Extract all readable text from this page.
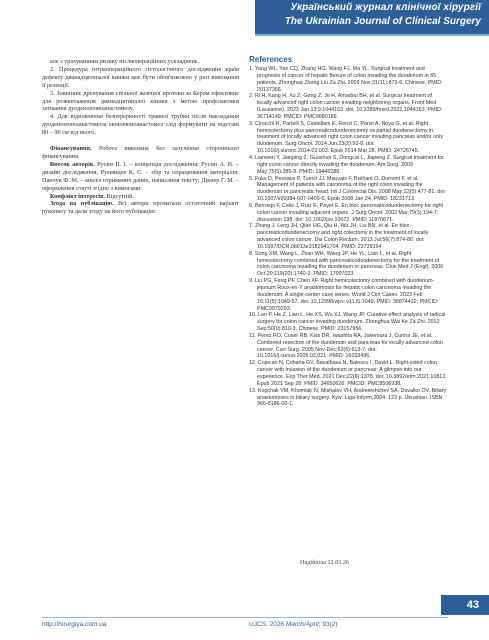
Український журнал клінічної хірургії
The Ukrainian Journal of Clinical Surgery

але з урахуванням ризику післяопераційних ускладнень.

2. Процедура інтраопераційного гістологічного дослідження країв дефекту дванадцятипалої кишки має бути обов'язковою у разі виконання її резекції.

3. Зовнішнє дренування спільної жовчної протоки за Кером ефективне для розвантаження дванадцятипалої кишки з метою профілактики затікання дуоденоеюноанастомозу.

4. Для відновлення безперервності травної трубки після накладання дуоденоеюноанастомоза еюноеюноанастомоз слід формувати на відстані 80 – 90 см від нього.

Фінансування. Робота виконана без залучення стороннього фінансування.

Внесок авторів. Русин В. І. – концепція дослідження; Русин А. В. – дизайн дослідження; Румянцев К. Є. – збір та опрацювання матеріалів; Панчук Ф. М. – аналіз отриманих даних, написання тексту; Дікнер Г. М. – оформлення статті згідно з вимогами.

Конфлікт інтересів. Відсутній.

Згода на публікацію. Всі автори прочитали остаточний варіант рукопису та дали згоду на його публікацію.

References

1. Yang WL, Yan CQ, Zhang HG, Wang FJ, Ma YL. Surgical treatment and prognosis of cancer of hepatic flexure of colon invading the duodenum in 65 patients. Zhonghua Zhong Liu Za Zhi. 2009 Nov;31(11):873-6. Chinese. PMID: 20137356.

2. Ri H, Kang H, Xu Z, Gong Z, Jo H, Amadou BH, et al. Surgical treatment of locally advanced right colon cancer invading neighboring organs. Front Med (Lausanne). 2023 Jan 13;9:1044163. doi: 10.3389/fmed.2022.1044163. PMID: 36714149; PMCID: PMC9880189.

3. Cirocchi R, Partelli S, Castellani E, Renzi C, Parisi A, Noya G, et al. Right hemicolectomy plus pancreaticoduodenectomy vs partial duodenectomy in treatment of locally advanced right colon cancer invading pancreas and/or only duodenum. Surg Oncol. 2014 Jun;23(2):92-8. doi: 10.1016/j.suronc.2014.03.003. Epub 2014 Mar 28. PMID: 24726745.

4. Lianwen Y, Jianping Z, Guoshun S, Dongcai L, Jiapeng Z. Surgical treatment for right colon cancer directly invading the duodenum. Am Surg. 2009 May;75(5):385-8. PMID: 19445288.

5. Fuks D, Pessaux P, Tuech JJ, Mauvais F, Bréhant O, Dumont F, et al. Management of patients with carcinoma of the right colon invading the duodenum or pancreatic head. Int J Colorectal Dis. 2008 May;23(5):477-81. doi: 10.1007/s00384-007-0409-5. Epub 2008 Jan 24. PMID: 18231713.

6. Berrospi F, Celis J, Ruiz E, Payet E. En bloc pancreaticoduodenectomy for right colon cancer invading adjacent organs. J Surg Oncol. 2002 Mar;79(3):194-7; discussion 198. doi: 10.1002/jso.10072. PMID: 11870671.

7. Zhang J, Leng JH, Qian HG, Qiu H, Wu JH, Liu BN, et al. En bloc pancreaticoduodenectomy and right colectomy in the treatment of locally advanced colon cancer. Dis Colon Rectum. 2013 Jul;56(7):874-80. doi: 10.1097/DCR.0b013e3182941704. PMID: 23739194.

8. Song XM, Wang L, Zhan WH, Wang JP, He YL, Lian L, et al. Right hemicolectomy combined with pancreaticoduodenectomy for the treatment of colon carcinoma invading the duodenum or pancreas. Chin Med J (Engl). 2006 Oct 20;119(20):1740-3. PMID: 17097023.

9. Liu PG, Feng PF, Chen XF. Right hemicolectomy combined with duodenum-jejunum Roux-en-Y anastomosis for hepatic colon carcinoma invading the duodenum: A single-center case series. World J Clin Cases. 2023 Feb 16;11(5):1049-57. doi: 10.12998/wjcc.v11.i5.1049. PMID: 36874432; PMCID: PMC9979293.

10. Lan P, He Z, Lian L, He XS, Wu XJ, Wang JP. Curative effect analysis of radical surgery for colon cancer invading duodenum. Zhonghua Wai Ke Za Zhi. 2012 Sep;50(9):810-3. Chinese. PMID: 23157956.

11. Perez RO, Coser RB, Kiss DR, Iwashita RA, Jukemura J, Cunha JE, et al. Combined resection of the duodenum and pancreas for locally advanced colon cancer. Curr Surg. 2005 Nov-Dec;62(6):613-7. doi: 10.1016/j.cursur.2005.03.021. PMID: 16293496.

12. Cojocari N, Crihana GV, Bacalbasa N, Balescu I, David L. Right-sided colon cancer with invasion of the duodenum or pancreas: A glimpse into our experience. Exp Ther Med. 2021 Dec;22(6):1378. doi: 10.3892/etm.2021.10813. Epub 2021 Sep 28. PMID: 34650626; PMCID: PMC8506938.

13. Kopchak VM, Khomiak IV, Mishalov VH, Andreieshchev SA, Duvalko OV. Biliary anastomoses in biliary surgery. Kyiv: Liga-Inform;2004. 123 p. Ukrainian. ISBN 966-8186-00-1.

Надійшла 12.01.26
43
http://hirurgiya.com.ua	UJCS, 2026 March/April; 93(2)
